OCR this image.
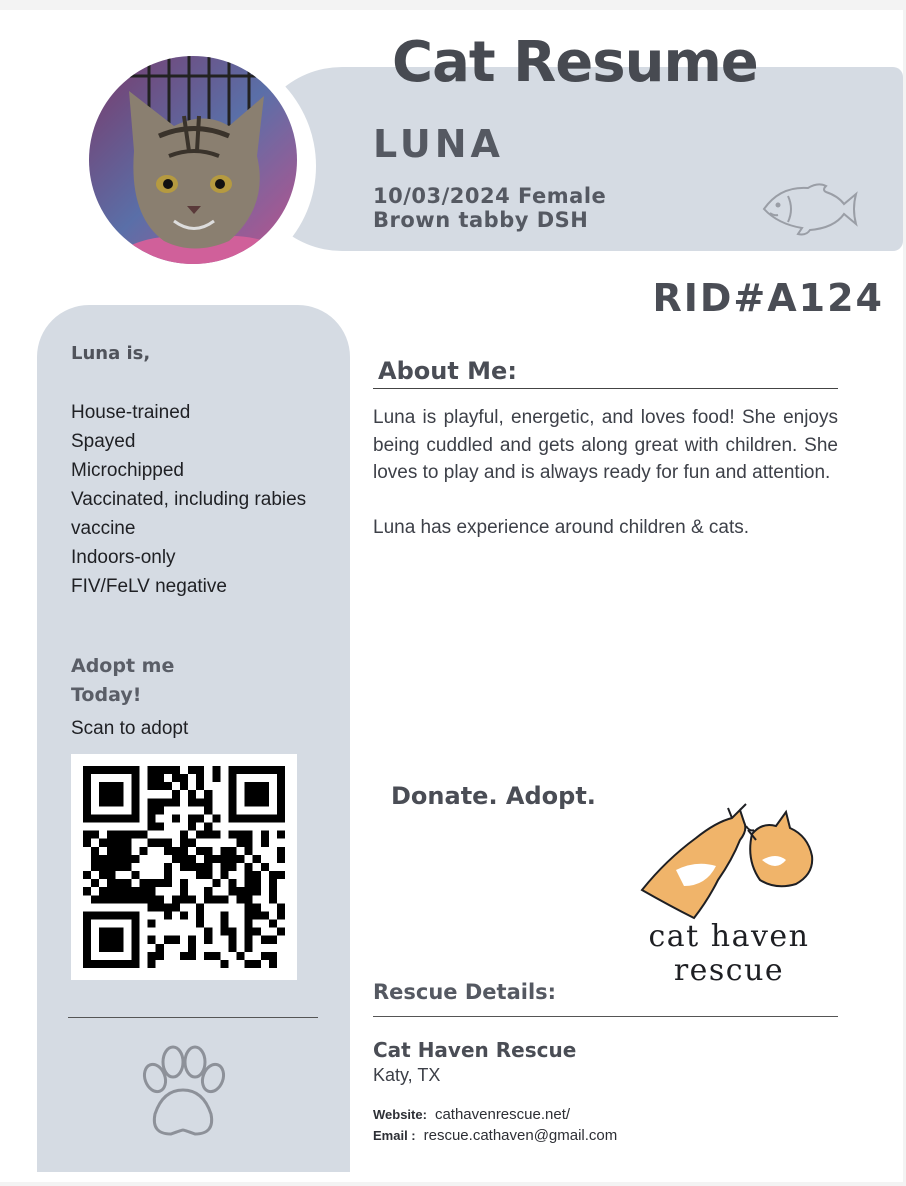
Cat Resume
LUNA
10/03/2024 Female
Brown tabby DSH
RID#A124
Luna is,
House-trained
Spayed
Microchipped
Vaccinated, including rabies vaccine
Indoors-only
FIV/FeLV negative
Adopt me Today!
Scan to adopt
About Me:

Luna is playful, energetic, and loves food! She enjoys being cuddled and gets along great with children. She loves to play and is always ready for fun and attention.

Luna has experience around children & cats.

Donate. Adopt.
cat haven
rescue
Rescue Details:
Cat Haven Rescue
Katy, TX
Website: cathavenrescue.net/
Email : rescue.cathaven@gmail.com
